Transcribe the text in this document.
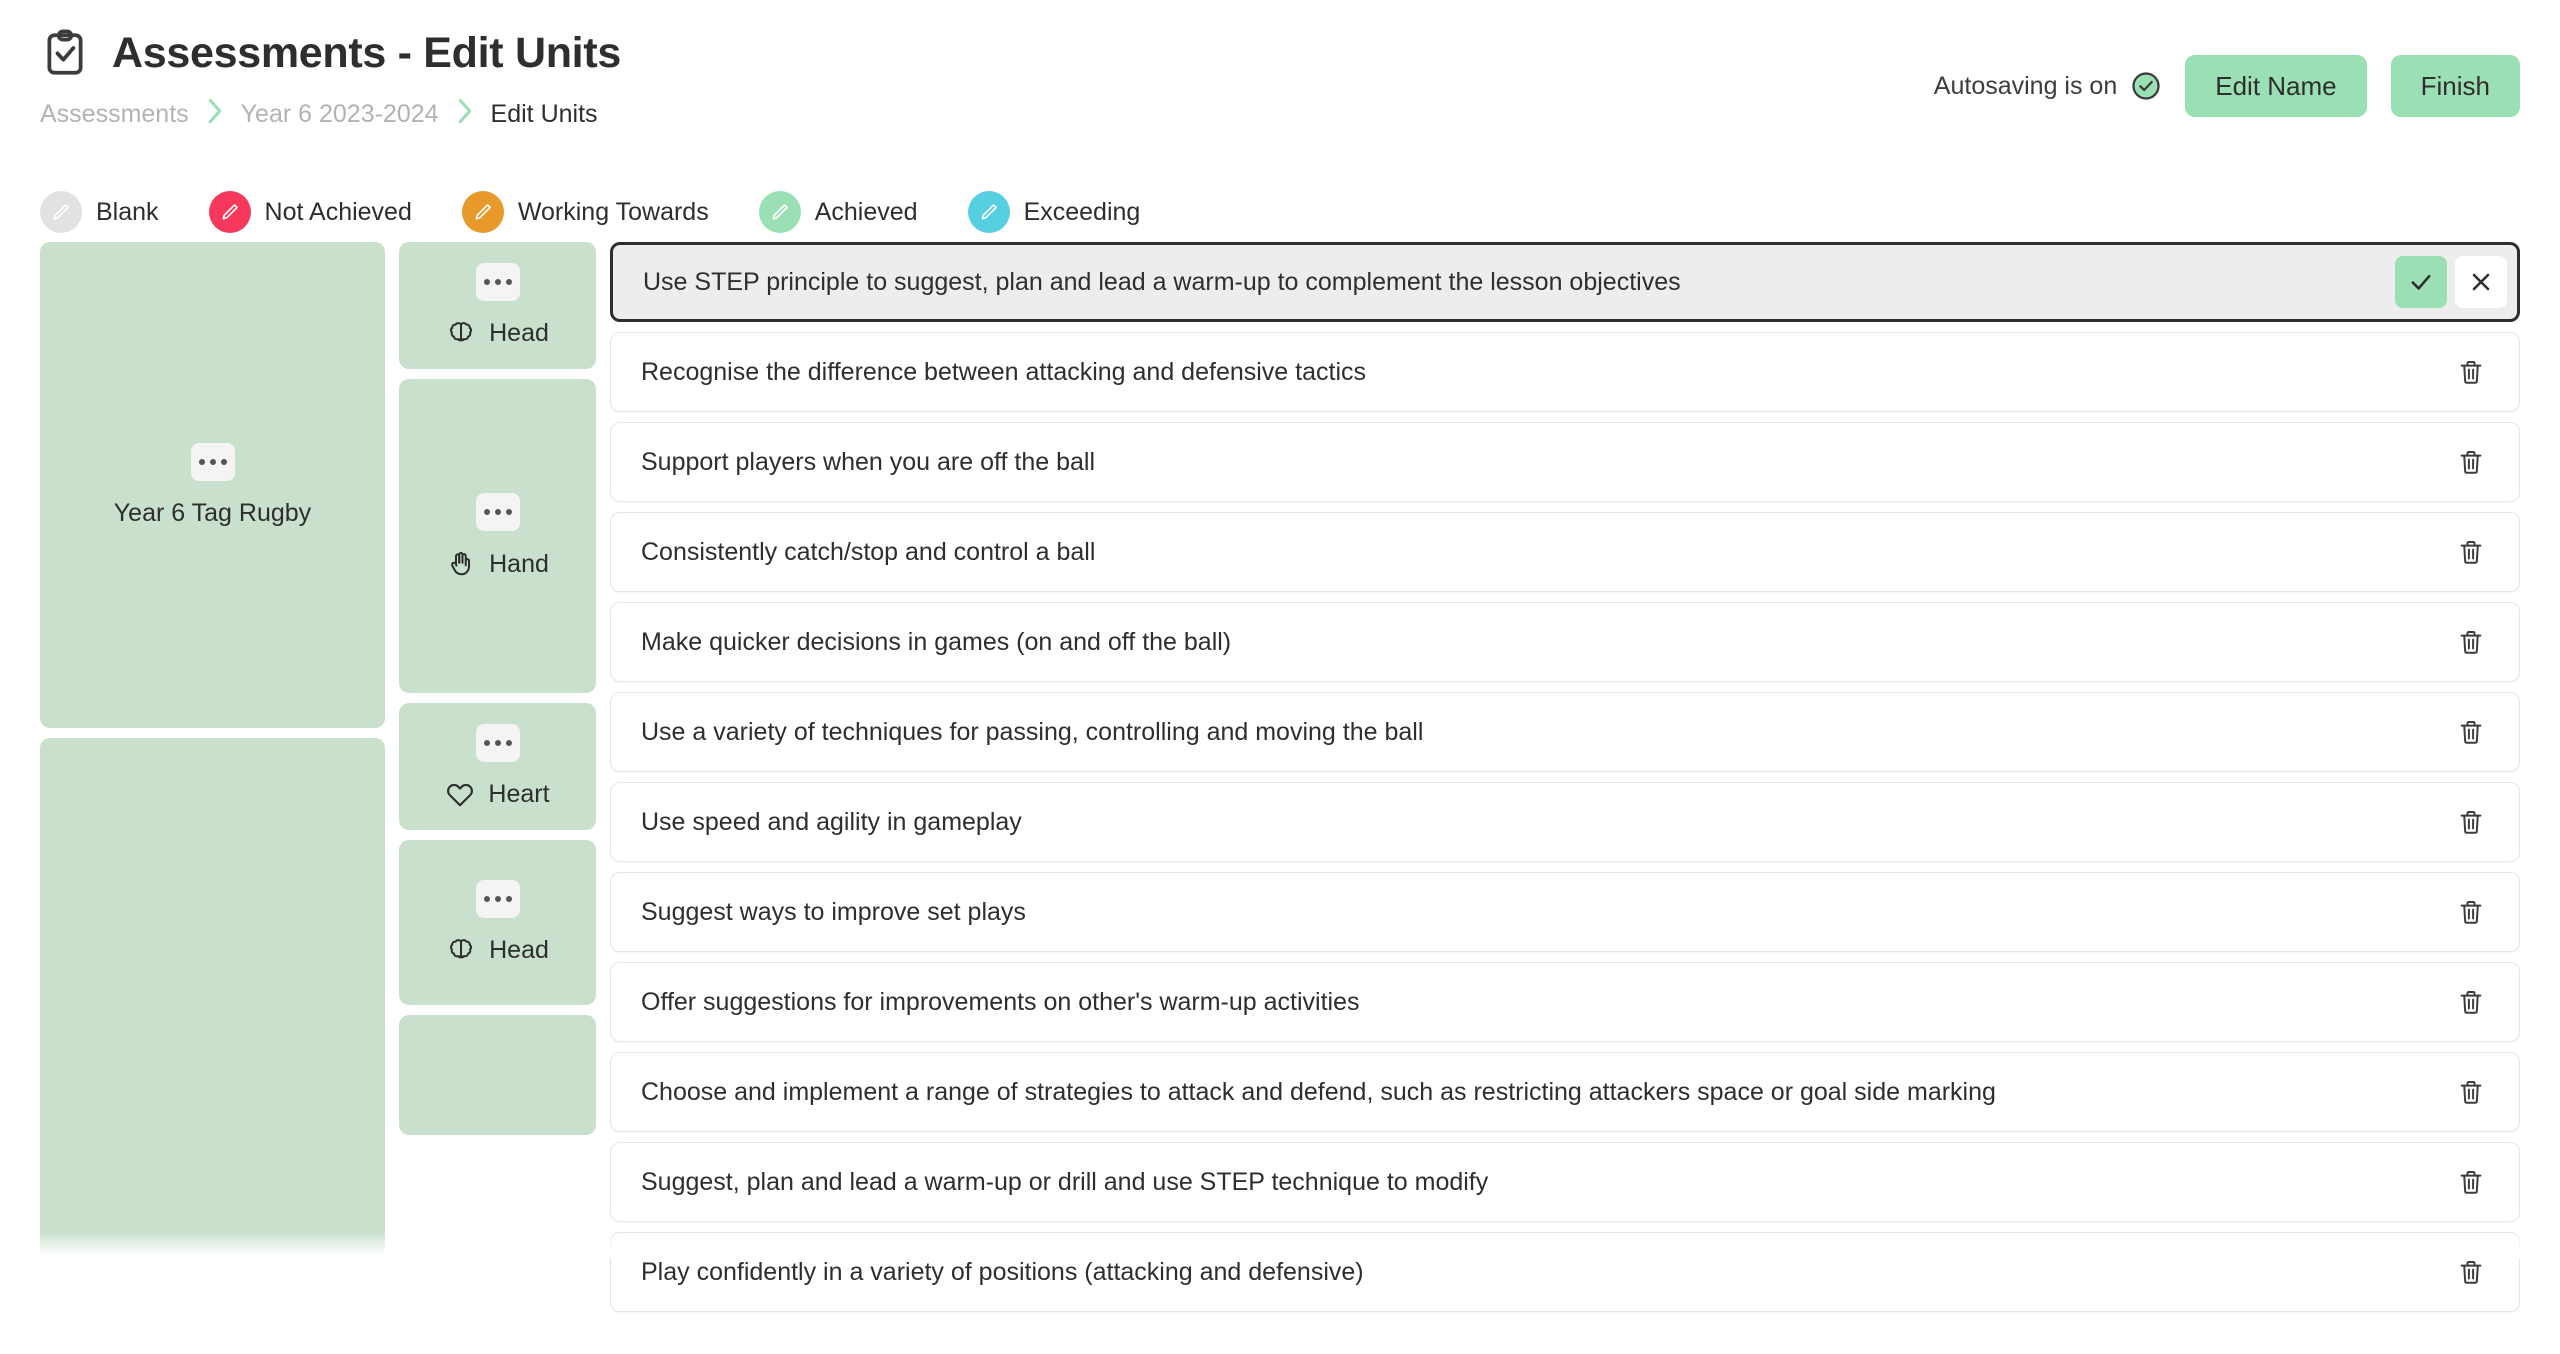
Assessments - Edit Units
Assessments Year 6 2023-2024 Edit Units
Autosaving is on	Edit Name	Finish
Blank	Not Achieved	Working Towards	Achieved	Exceeding
Year 6 Tag Rugby
Head
Hand
Heart
Head
Use STEP principle to suggest, plan and lead a warm-up to complement the lesson objectives
Recognise the difference between attacking and defensive tactics
Support players when you are off the ball
Consistently catch/stop and control a ball
Make quicker decisions in games (on and off the ball)
Use a variety of techniques for passing, controlling and moving the ball
Use speed and agility in gameplay
Suggest ways to improve set plays
Offer suggestions for improvements on other's warm-up activities
Choose and implement a range of strategies to attack and defend, such as restricting attackers space or goal side marking
Suggest, plan and lead a warm-up or drill and use STEP technique to modify
Play confidently in a variety of positions (attacking and defensive)
